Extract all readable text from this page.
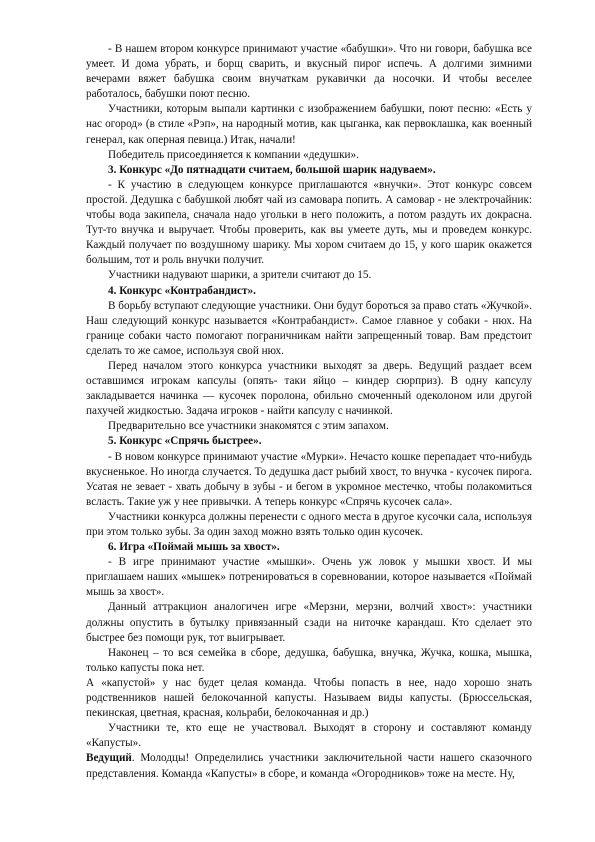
- В нашем втором конкурсе принимают участие «бабушки». Что ни говори, бабушка все умеет. И дома убрать, и борщ сварить, и вкусный пирог испечь. А долгими зимними вечерами вяжет бабушка своим внучаткам рукавички да носочки. И чтобы веселее работалось, бабушки поют песню.

Участники, которым выпали картинки с изображением бабушки, поют песню: «Есть у нас огород» (в стиле «Рэп», на народный мотив, как цыганка, как первоклашка, как военный генерал, как оперная певица.) Итак, начали!

Победитель присоединяется к компании «дедушки».

3. Конкурс «До пятнадцати считаем, большой шарик надуваем».

- К участию в следующем конкурсе приглашаются «внучки». Этот конкурс совсем простой. Дедушка с бабушкой любят чай из самовара попить. А самовар - не электрочайник: чтобы вода закипела, сначала надо угольки в него положить, а потом раздуть их докрасна. Тут-то внучка и выручает. Чтобы проверить, как вы умеете дуть, мы и проведем конкурс. Каждый получает по воздушному шарику. Мы хором считаем до 15, у кого шарик окажется большим, тот и роль внучки получит.

Участники надувают шарики, а зрители считают до 15.

4. Конкурс «Контрабандист».

В борьбу вступают следующие участники. Они будут бороться за право стать «Жучкой». Наш следующий конкурс называется «Контрабандист». Самое главное у собаки - нюх. На границе собаки часто помогают пограничникам найти запрещенный товар. Вам предстоит сделать то же самое, используя свой нюх.

Перед началом этого конкурса участники выходят за дверь. Ведущий раздает всем оставшимся игрокам капсулы (опять- таки яйцо – киндер сюрприз). В одну капсулу закладывается начинка — кусочек поролона, обильно смоченный одеколоном или другой пахучей жидкостью. Задача игроков - найти капсулу с начинкой.

Предварительно все участники знакомятся с этим запахом.

5. Конкурс «Спрячь быстрее».

- В новом конкурсе принимают участие «Мурки». Нечасто кошке перепадает что-нибудь вкусненькое. Но иногда случается. То дедушка даст рыбий хвост, то внучка - кусочек пирога. Усатая не зевает - хвать добычу в зубы - и бегом в укромное местечко, чтобы полакомиться всласть. Такие уж у нее привычки. А теперь конкурс «Спрячь кусочек сала».

Участники конкурса должны перенести с одного места в другое кусочки сала, используя при этом только зубы. За один заход можно взять только один кусочек.

6. Игра «Поймай мышь за хвост».

- В игре принимают участие «мышки». Очень уж ловок у мышки хвост. И мы приглашаем наших «мышек» потренироваться в соревновании, которое называется «Поймай мышь за хвост».

Данный аттракцион аналогичен игре «Мерзни, мерзни, волчий хвост»: участники должны опустить в бутылку привязанный сзади на ниточке карандаш. Кто сделает это быстрее без помощи рук, тот выигрывает.

Наконец – то вся семейка в сборе, дедушка, бабушка, внучка, Жучка, кошка, мышка, только капусты пока нет.

А «капустой» у нас будет целая команда. Чтобы попасть в нее, надо хорошо знать родственников нашей белокочанной капусты. Называем виды капусты. (Брюссельская, пекинская, цветная, красная, кольраби, белокочанная и др.)

Участники те, кто еще не участвовал. Выходят в сторону и составляют команду «Капусты».

Ведущий. Молодцы! Определились участники заключительной части нашего сказочного представления. Команда «Капусты» в сборе, и команда «Огородников» тоже на месте. Ну,
